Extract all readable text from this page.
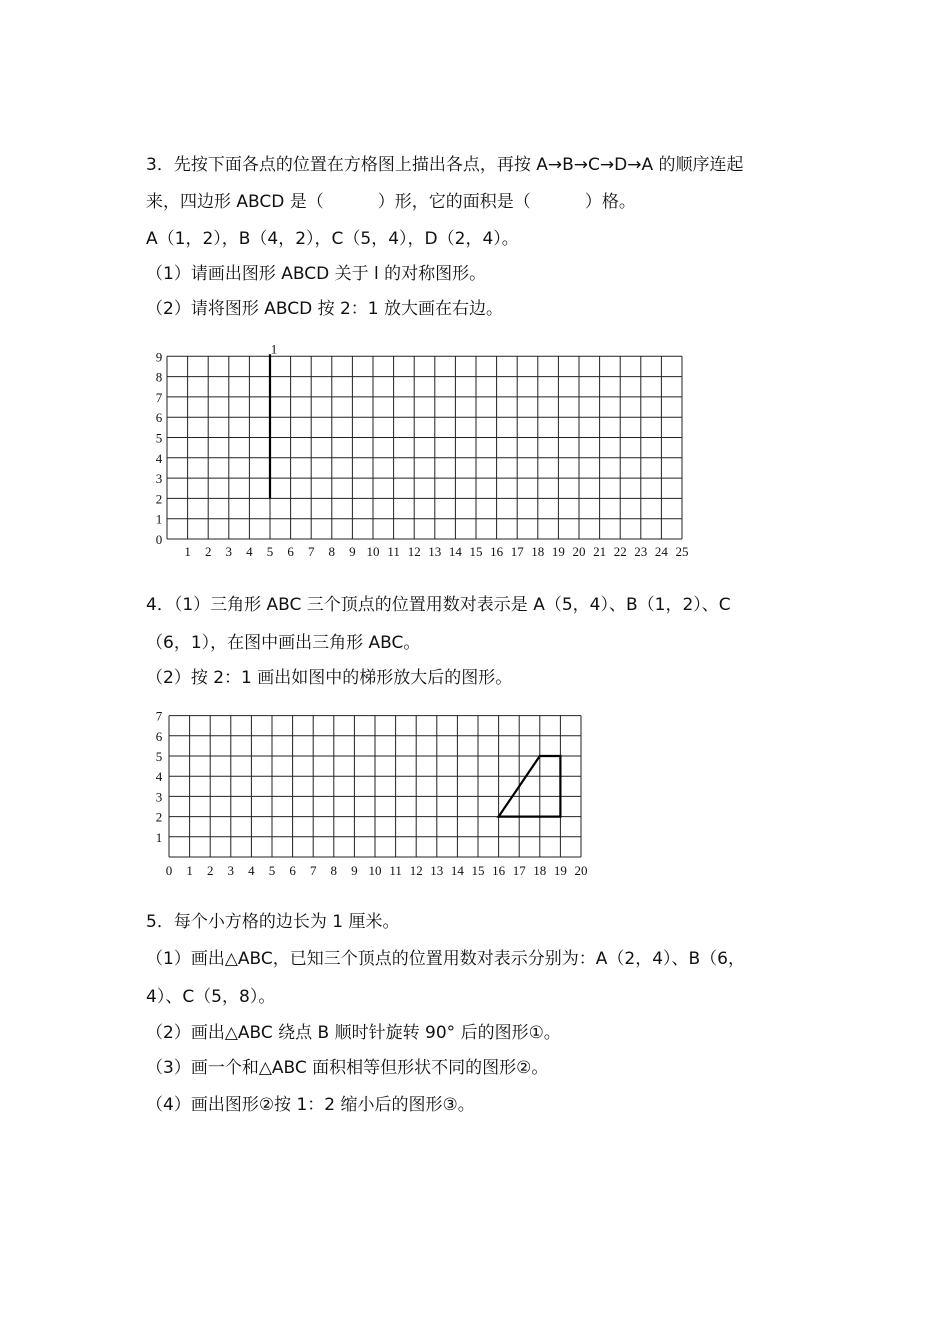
3．先按下面各点的位置在方格图上描出各点，再按 A→B→C→D→A 的顺序连起
来，四边形 ABCD 是（          ）形，它的面积是（          ）格。
A（1，2），B（4，2），C（5，4），D（2，4）。
（1）请画出图形 ABCD 关于 l 的对称图形。
（2）请将图形 ABCD 按 2：1 放大画在右边。
1 2 3 4 5 6 7 8 9 10 11 12 13 14 15 16 17 18 19 20 21 22 23 24 25
0
1
2
3
4
5
6
7
8
9
1
4．（1）三角形 ABC 三个顶点的位置用数对表示是 A（5，4）、B（1，2）、C
（6，1），在图中画出三角形 ABC。
（2）按 2：1 画出如图中的梯形放大后的图形。
0 1 2 3 4 5 6 7 8 9 10 11 12 13 14 15 16 17 18 19 20
1
2
3
4
5
6
7
5．每个小方格的边长为 1 厘米。
（1）画出△ABC，已知三个顶点的位置用数对表示分别为：A（2，4）、B（6，
4）、C（5，8）。
（2）画出△ABC 绕点 B 顺时针旋转 90° 后的图形①。
（3）画一个和△ABC 面积相等但形状不同的图形②。
（4）画出图形②按 1：2 缩小后的图形③。
